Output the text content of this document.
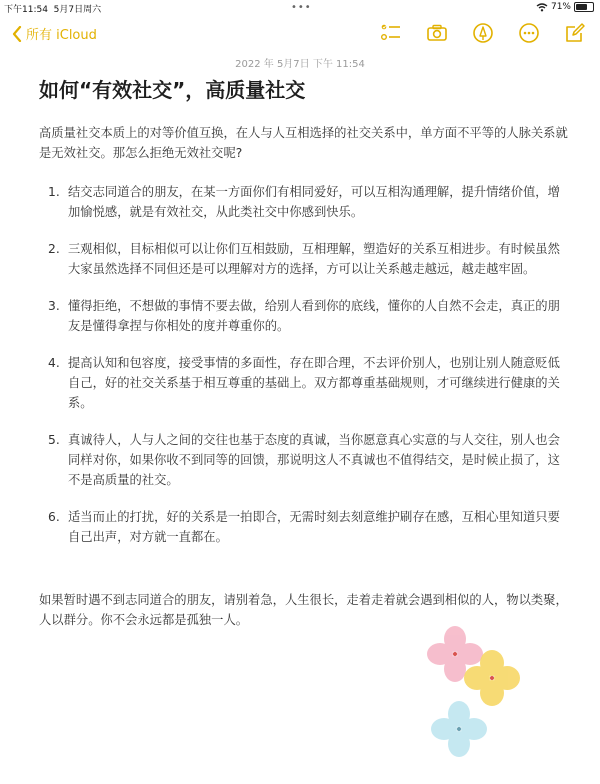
下午11:54 5月7日周六	•••	71%
所有 iCloud
2022 年 5月7日 下午 11:54
如何“有效社交”，高质量社交
高质量社交本质上的对等价值互换，在人与人互相选择的社交关系中，单方面不平等的人脉关系就是无效社交。那怎么拒绝无效社交呢?
1. 结交志同道合的朋友，在某一方面你们有相同爱好，可以互相沟通理解，提升情绪价值，增加愉悦感，就是有效社交，从此类社交中你感到快乐。
2. 三观相似，目标相似可以让你们互相鼓励，互相理解，塑造好的关系互相进步。有时候虽然大家虽然选择不同但还是可以理解对方的选择，方可以让关系越走越远，越走越牢固。
3. 懂得拒绝，不想做的事情不要去做，给别人看到你的底线，懂你的人自然不会走，真正的朋友是懂得拿捏与你相处的度并尊重你的。
4. 提高认知和包容度，接受事情的多面性，存在即合理，不去评价别人，也别让别人随意贬低自己，好的社交关系基于相互尊重的基础上。双方都尊重基础规则，才可继续进行健康的关系。
5. 真诚待人，人与人之间的交往也基于态度的真诚，当你愿意真心实意的与人交往，别人也会同样对你，如果你收不到同等的回馈，那说明这人不真诚也不值得结交，是时候止损了，这不是高质量的社交。
6. 适当而止的打扰，好的关系是一拍即合，无需时刻去刻意维护刷存在感，互相心里知道只要自己出声，对方就一直都在。
如果暂时遇不到志同道合的朋友，请别着急，人生很长，走着走着就会遇到相似的人，物以类聚，人以群分。你不会永远都是孤独一人。
